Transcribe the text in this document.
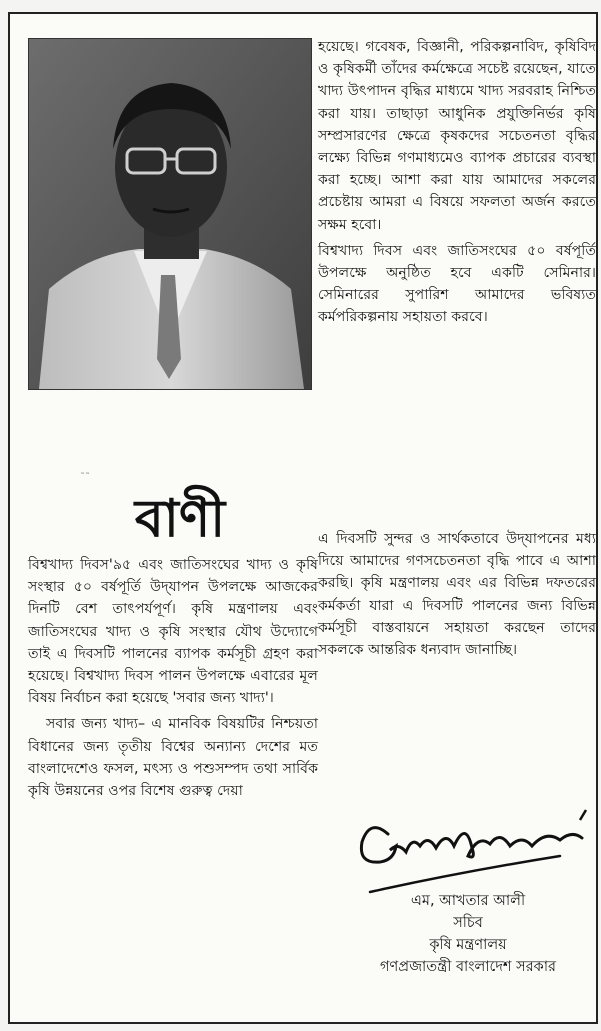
˜˜

হয়েছে। গবেষক, বিজ্ঞানী, পরিকল্পনাবিদ, কৃষিবিদ ও কৃষিকর্মী তাঁদের কর্মক্ষেত্রে সচেষ্ট রয়েছেন, যাতে খাদ্য উৎপাদন বৃদ্ধির মাধ্যমে খাদ্য সরবরাহ নিশ্চিত করা যায়। তাছাড়া আধুনিক প্রযুক্তিনির্ভর কৃষি সম্প্রসারণের ক্ষেত্রে কৃষকদের সচেতনতা বৃদ্ধির লক্ষ্যে বিভিন্ন গণমাধ্যমেও ব্যাপক প্রচারের ব্যবস্থা করা হচ্ছে। আশা করা যায় আমাদের সকলের প্রচেষ্টায় আমরা এ বিষয়ে সফলতা অর্জন করতে সক্ষম হবো।

বিশ্বখাদ্য দিবস এবং জাতিসংঘের ৫০ বর্ষপূর্তি উপলক্ষে অনুষ্ঠিত হবে একটি সেমিনার। সেমিনারের সুপারিশ আমাদের ভবিষ্যত কর্মপরিকল্পনায় সহায়তা করবে।

বাণী	এ দিবসটি সুন্দর ও সার্থকতাবে উদ্‌যাপনের মধ্য দিয়ে আমাদের গণসচেতনতা বৃদ্ধি পাবে এ আশা করছি। কৃষি মন্ত্রণালয় এবং এর বিভিন্ন দফতরের কর্মকর্তা যারা এ দিবসটি পালনের জন্য বিভিন্ন কর্মসূচী বাস্তবায়নে সহায়তা করছেন তাদের সকলকে আন্তরিক ধন্যবাদ জানাচ্ছি।

বিশ্বখাদ্য দিবস'৯৫ এবং জাতিসংঘের খাদ্য ও কৃষি সংস্থার ৫০ বর্ষপূর্তি উদ্‌যাপন উপলক্ষে আজকের দিনটি বেশ তাৎপর্যপূর্ণ। কৃষি মন্ত্রণালয় এবং জাতিসংঘের খাদ্য ও কৃষি সংস্থার যৌথ উদ্যোগে তাই এ দিবসটি পালনের ব্যাপক কর্মসূচী গ্রহণ করা হয়েছে। বিশ্বখাদ্য দিবস পালন উপলক্ষে এবারের মূল বিষয় নির্বাচন করা হয়েছে 'সবার জন্য খাদ্য'।

সবার জন্য খাদ্য– এ মানবিক বিষয়টির নিশ্চয়তা বিধানের জন্য তৃতীয় বিশ্বের অন্যান্য দেশের মত বাংলাদেশেও ফসল, মৎস্য ও পশুসম্পদ তথা সার্বিক কৃষি উন্নয়নের ওপর বিশেষ গুরুত্ব দেয়া

এম, আখতার আলী
সচিব
কৃষি মন্ত্রণালয়
গণপ্রজাতন্ত্রী বাংলাদেশ সরকার
